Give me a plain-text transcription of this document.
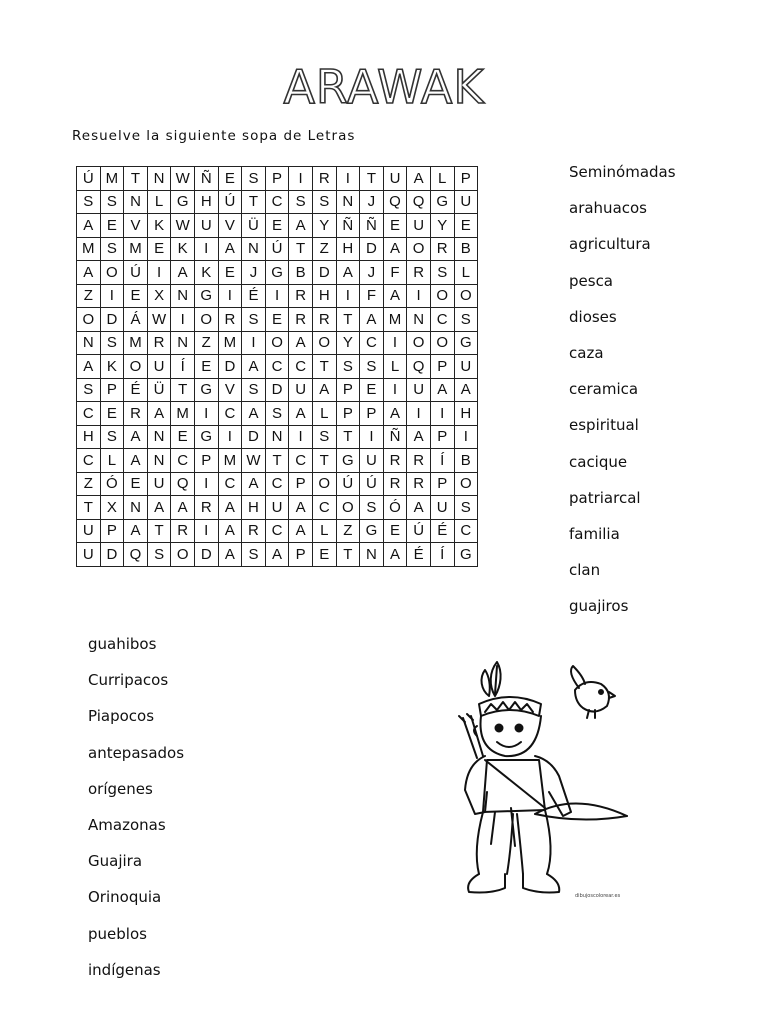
ARAWAK
Resuelve la siguiente sopa de Letras
Ú	M	T	N	W	Ñ	E	S	P	I	R	I	T	U	A	L	P
S	S	N	L	G	H	Ú	T	C	S	S	N	J	Q	Q	G	U
A	E	V	K	W	U	V	Ü	E	A	Y	Ñ	Ñ	E	U	Y	E
M	S	M	E	K	I	A	N	Ú	T	Z	H	D	A	O	R	B
A	O	Ú	I	A	K	E	J	G	B	D	A	J	F	R	S	L
Z	I	E	X	N	G	I	É	I	R	H	I	F	A	I	O	O
O	D	Á	W	I	O	R	S	E	R	R	T	A	M	N	C	S
N	S	M	R	N	Z	M	I	O	A	O	Y	C	I	O	O	G
A	K	O	U	Í	E	D	A	C	C	T	S	S	L	Q	P	U
S	P	É	Ü	T	G	V	S	D	U	A	P	E	I	U	A	A
C	E	R	A	M	I	C	A	S	A	L	P	P	A	I	I	H
H	S	A	N	E	G	I	D	N	I	S	T	I	Ñ	A	P	I
C	L	A	N	C	P	M	W	T	C	T	G	U	R	R	Í	B
Z	Ó	E	U	Q	I	C	A	C	P	O	Ú	Ú	R	R	P	O
T	X	N	A	A	R	A	H	U	A	C	O	S	Ó	A	U	S
U	P	A	T	R	I	A	R	C	A	L	Z	G	E	Ú	É	C
U	D	Q	S	O	D	A	S	A	P	E	T	N	A	É	Í	G
Seminómadas
arahuacos
agricultura
pesca
dioses
caza
ceramica
espiritual
cacique
patriarcal
familia
clan
guajiros
guahibos
Curripacos
Piapocos
antepasados
orígenes
Amazonas
Guajira
Orinoquia
pueblos
indígenas
dibujoscolorear.es
